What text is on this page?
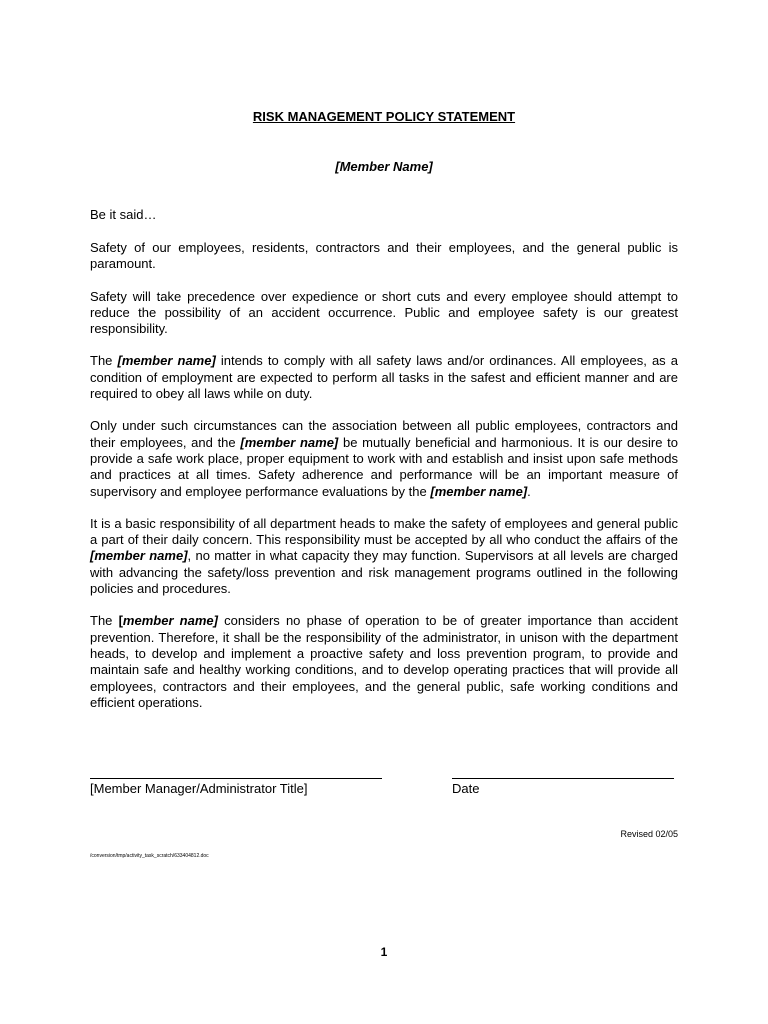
RISK MANAGEMENT POLICY STATEMENT
[Member Name]

Be it said…

Safety of our employees, residents, contractors and their employees, and the general public is paramount.

Safety will take precedence over expedience or short cuts and every employee should attempt to reduce the possibility of an accident occurrence. Public and employee safety is our greatest responsibility.

The [member name] intends to comply with all safety laws and/or ordinances. All employees, as a condition of employment are expected to perform all tasks in the safest and efficient manner and are required to obey all laws while on duty.

Only under such circumstances can the association between all public employees, contractors and their employees, and the [member name] be mutually beneficial and harmonious. It is our desire to provide a safe work place, proper equipment to work with and establish and insist upon safe methods and practices at all times. Safety adherence and performance will be an important measure of supervisory and employee performance evaluations by the [member name].

It is a basic responsibility of all department heads to make the safety of employees and general public a part of their daily concern. This responsibility must be accepted by all who conduct the affairs of the [member name], no matter in what capacity they may function. Supervisors at all levels are charged with advancing the safety/loss prevention and risk management programs outlined in the following policies and procedures.

The [member name] considers no phase of operation to be of greater importance than accident prevention. Therefore, it shall be the responsibility of the administrator, in unison with the department heads, to develop and implement a proactive safety and loss prevention program, to provide and maintain safe and healthy working conditions, and to develop operating practices that will provide all employees, contractors and their employees, and the general public, safe working conditions and efficient operations.

[Member Manager/Administrator Title]	Date
Revised 02/05
/conversion/tmp/activity_task_scratch/633404812.doc
1
